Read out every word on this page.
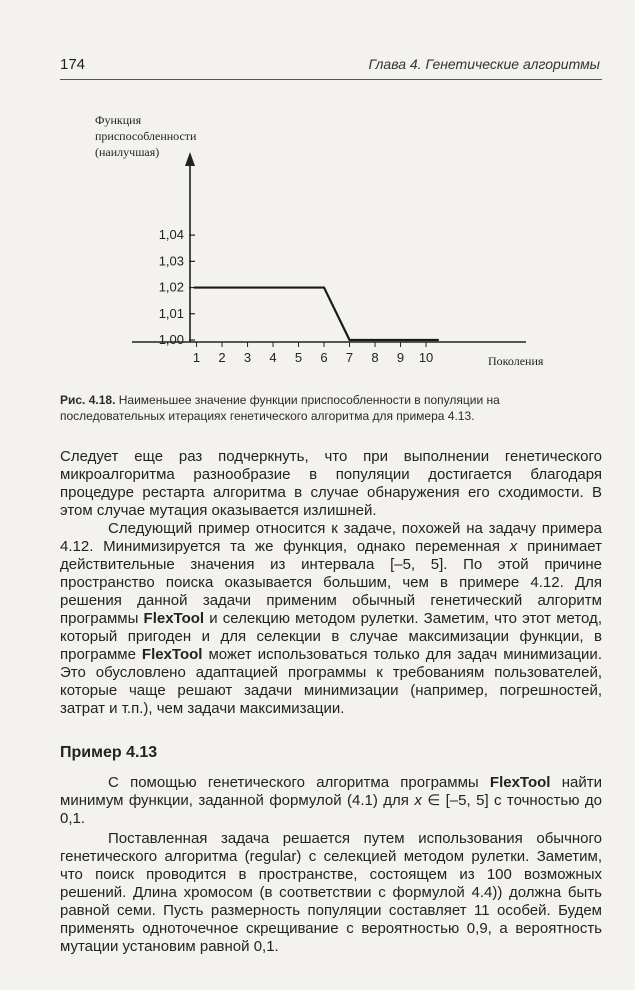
174	Глава 4. Генетические алгоритмы
Функция
приспособленности
(наилучшая)
1,00
1,01
1,02
1,03
1,04
1 2 3 4 5 6 7 8 9 10	Поколения
Рис. 4.18. Наименьшее значение функции приспособленности в популяции на последовательных итерациях генетического алгоритма для примера 4.13.

Следует еще раз подчеркнуть, что при выполнении генетического микроалгоритма разнообразие в популяции достигается благодаря процедуре рестарта алгоритма в случае обнаружения его сходимости. В этом случае мутация оказывается излишней.

Следующий пример относится к задаче, похожей на задачу примера 4.12. Минимизируется та же функция, однако переменная x принимает действительные значения из интервала [–5, 5]. По этой причине пространство поиска оказывается большим, чем в примере 4.12. Для решения данной задачи применим обычный генетический алгоритм программы FlexTool и селекцию методом рулетки. Заметим, что этот метод, который пригоден и для селекции в случае максимизации функции, в программе FlexTool может использоваться только для задач минимизации. Это обусловлено адаптацией программы к требованиям пользователей, которые чаще решают задачи минимизации (например, погрешностей, затрат и т.п.), чем задачи максимизации.

Пример 4.13

С помощью генетического алгоритма программы FlexTool найти минимум функции, заданной формулой (4.1) для x ∈ [–5, 5] с точностью до 0,1.

Поставленная задача решается путем использования обычного генетического алгоритма (regular) с селекцией методом рулетки. Заметим, что поиск проводится в пространстве, состоящем из 100 возможных решений. Длина хромосом (в соответствии с формулой 4.4)) должна быть равной семи. Пусть размерность популяции составляет 11 особей. Будем применять одноточечное скрещивание с вероятностью 0,9, а вероятность мутации установим равной 0,1.
